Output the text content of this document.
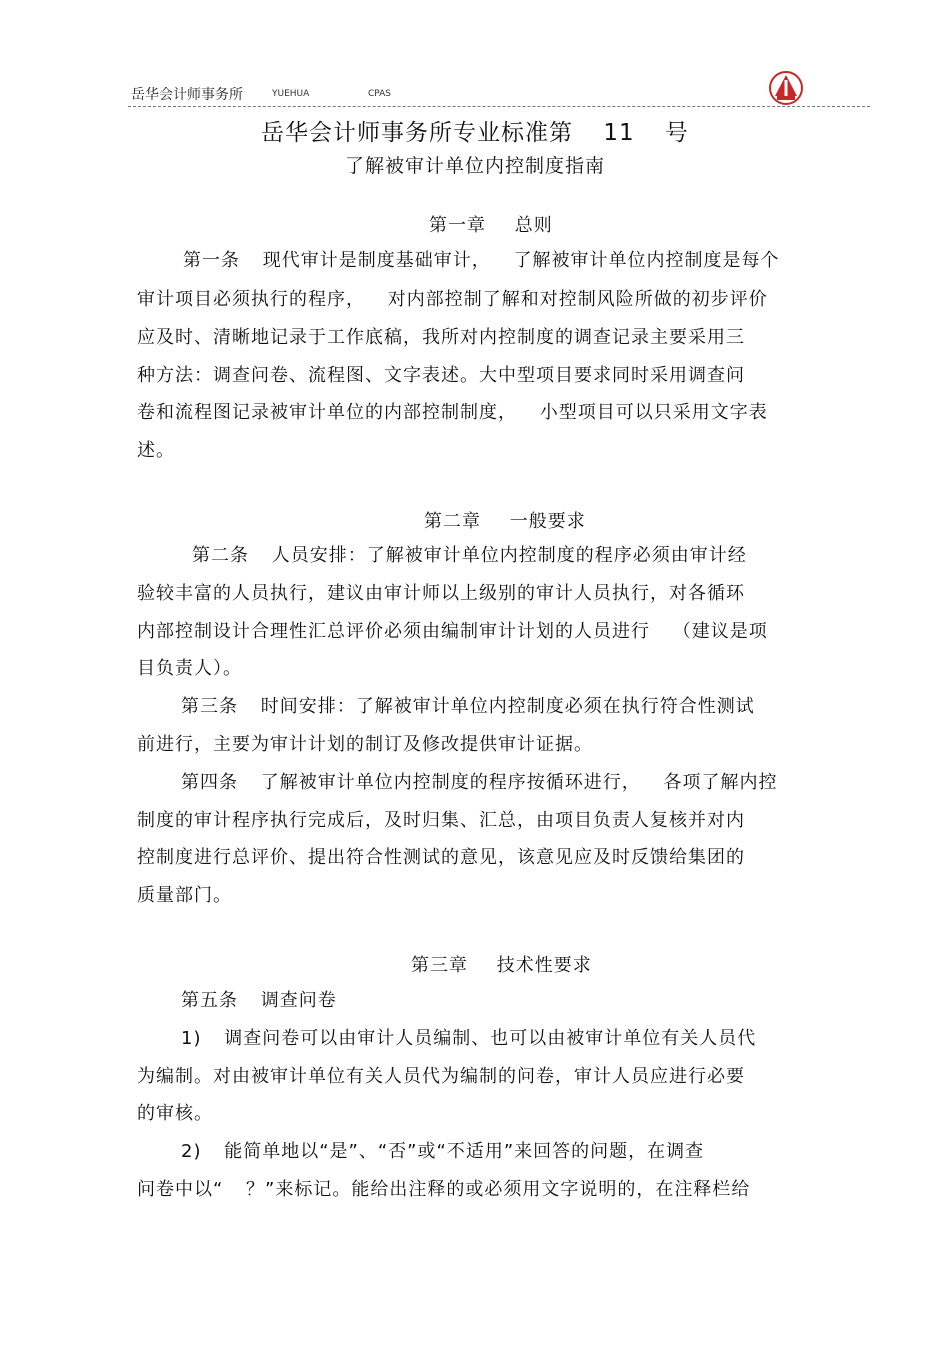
岳华会计师事务所	YUEHUA	CPAS
岳华会计师事务所专业标准第 11 号
了解被审计单位内控制度指南
第一章 总则
第一条 现代审计是制度基础审计， 了解被审计单位内控制度是每个
审计项目必须执行的程序， 对内部控制了解和对控制风险所做的初步评价
应及时、清晰地记录于工作底稿，我所对内控制度的调查记录主要采用三
种方法：调查问卷、流程图、文字表述。大中型项目要求同时采用调查问
卷和流程图记录被审计单位的内部控制制度， 小型项目可以只采用文字表
述。
第二章 一般要求
第二条 人员安排：了解被审计单位内控制度的程序必须由审计经
验较丰富的人员执行，建议由审计师以上级别的审计人员执行，对各循环
内部控制设计合理性汇总评价必须由编制审计计划的人员进行 （建议是项
目负责人）。
第三条 时间安排：了解被审计单位内控制度必须在执行符合性测试
前进行，主要为审计计划的制订及修改提供审计证据。
第四条 了解被审计单位内控制度的程序按循环进行， 各项了解内控
制度的审计程序执行完成后，及时归集、汇总，由项目负责人复核并对内
控制度进行总评价、提出符合性测试的意见，该意见应及时反馈给集团的
质量部门。
第三章 技术性要求
第五条 调查问卷
1) 调查问卷可以由审计人员编制、也可以由被审计单位有关人员代
为编制。对由被审计单位有关人员代为编制的问卷，审计人员应进行必要
的审核。
2) 能简单地以“是”、“否”或“不适用”来回答的问题，在调查
问卷中以“ ？”来标记。能给出注释的或必须用文字说明的，在注释栏给
